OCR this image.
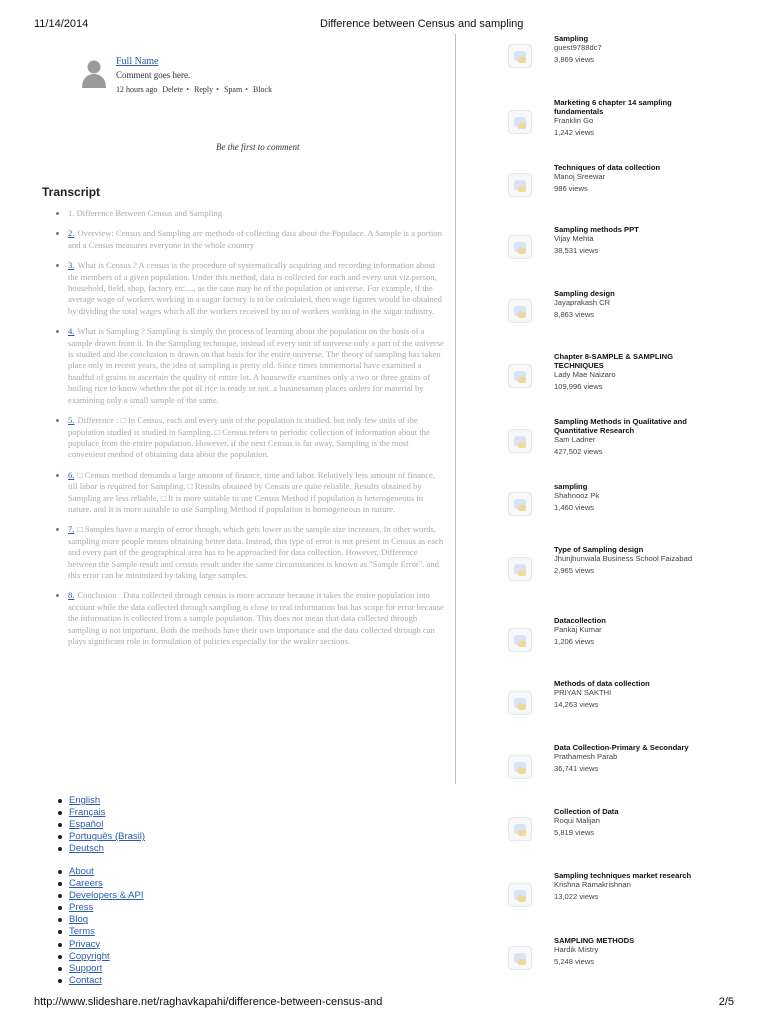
11/14/2014	Difference between Census and sampling
Full Name
Comment goes here.
12 hours ago Delete • Reply • Spam • Block
Be the first to comment
Transcript
1. Difference Between Census and Sampling
2. Overview: Census and Sampling are methods of collecting data about the Populace. A Sample is a portion and a Census measures everyone in the whole country
3. What is Census ? A census is the procedure of systematically acquiring and recording information about the members of a given population. Under this method, data is collected for each and every unit viz.person, household, field, shop, factory etc...., as the case may be of the population or universe. For example, if the average wage of workers working in a sugar factory is to be calculated, then wage figures would be obtained by dividing the total wages which all the workers received by no of workers working in the sugar industry.
4. What is Sampling ? Sampling is simply the process of learning about the population on the basis of a sample drawn from it. In the Sampling technique, instead of every unit of universe only a part of the universe is studied and the conclusion is drawn on that basis for the entire universe. The theory of sampling has taken place only in recent years, the idea of sampling is pretty old. Since times immemorial have examined a handful of grains to ascertain the quality of entire lot. A housewife examines only a two or three grains of boiling rice to know whether the pot of rice is ready or not. a businessman places orders for material by examining only a small sample of the same.
5. Difference : □ In Census, each and every unit of the population is studied. but only few units of the population studied is studied in Sampling. □ Census refers to periodic collection of information about the populace from the entire population. However, if the next Census is far away, Sampling is the most convenient method of obtaining data about the population.
6. □ Census method demands a large amount of finance, time and labor. Relatively less amount of finance, till labor is required for Sampling. □ Results obtained by Census are quite reliable. Results obtained by Sampling are less reliable. □ It is more suitable to use Census Method if population is heterogeneous in nature. and It is more suitable to use Sampling Method if population is homogeneous in nature.
7. □ Samples have a margin of error though, which gets lower as the sample size increases. In other words, sampling more people means obtaining better data. Instead, this type of error is not present in Census as each and every part of the geographical area has to be approached for data collection. However, Difference between the Sample result and census result under the same circumstances is known as "Sample Error". and this error can be minimized by taking large samples.
8. Conclusion : Data collected through census is more accurate because it takes the entire population into account while the data collected through sampling is close to real information but has scope for error because the information is collected from a sample population. This does not mean that data collected through sampling is not important. Both the methods have their own importance and the data collected through can plays significant role in formulation of policies especially for the weaker sections.
English
Français
Español
Português (Brasil)
Deutsch
About
Careers
Developers & API
Press
Blog
Terms
Privacy
Copyright
Support
Contact
Sampling
guest9788dc7
3,869 views
Marketing 6 chapter 14 sampling fundamentals
Franklin Go
1,242 views
Techniques of data collection
Manoj Sreewar
986 views
Sampling methods PPT
Vijay Mehta
38,531 views
Sampling design
Jayaprakash CR
8,863 views
Chapter 8-SAMPLE & SAMPLING TECHNIQUES
Lady Mae Naizaro
109,996 views
Sampling Methods in Qualitative and Quantitative Research
Sam Ladner
427,502 views
sampling
Shahnooz Pk
1,460 views
Type of Sampling design
Jhunjhunwala Business School Faizabad
2,965 views
Datacollection
Pankaj Kumar
1,206 views
Methods of data collection
PRIYAN SAKTHI
14,263 views
Data Collection-Primary & Secondary
Prathamesh Parab
36,741 views
Collection of Data
Roqui Malijan
5,819 views
Sampling techniques market research
Krishna Ramakrishnan
13,022 views
SAMPLING METHODS
Hardik Mistry
5,248 views
http://www.slideshare.net/raghavkapahi/difference-between-census-and	2/5
